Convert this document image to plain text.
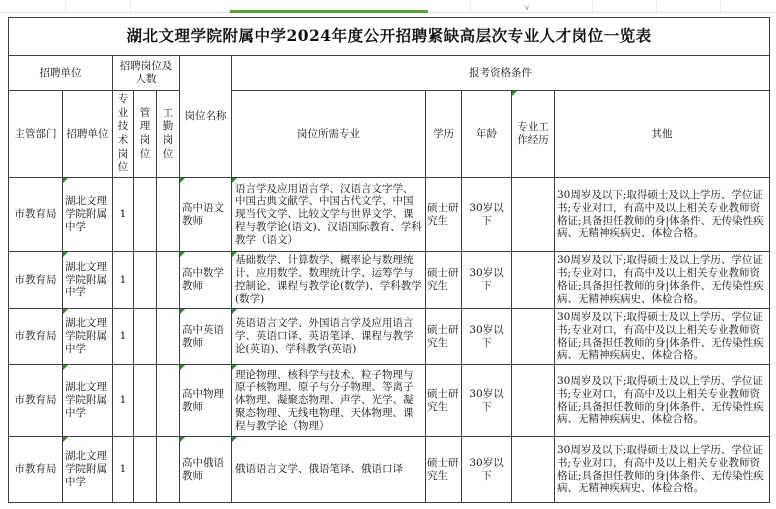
∨
湖北文理学院附属中学2024年度公开招聘紧缺高层次专业人才岗位一览表										
招聘单位		招聘岗位及人数			岗位名称	报考资格条件				
主管部门	招聘单位	专业技术岗位	管理岗位	工勤岗位		岗位所需专业	学历	年龄	专业工作经历	其他
市教育局	湖北文理学院附属中学	1			高中语文教师	语言学及应用语言学、汉语言文字学、中国古典文献学、中国古代文学、中国现当代文学、比较文学与世界文学、课程与教学论(语文)、汉语国际教育、学科教学（语文）	硕士研究生	30岁以下		30周岁及以下;取得硕士及以上学历、学位证书;专业对口，有高中及以上相关专业教师资格证;具备担任教师的身|体条件、无传染性疾病、无精神疾病史、体检合格。
市教育局	湖北文理学院附属中学	1			高中数学教师	基础数学、计算数学、概率论与数理统计、应用数学、数理统计学、运筹学与控制论、课程与教学论(数学)、学科教学(数学)	硕士研究生	30岁以下		30周岁及以下;取得硕士及以上学历、学位证书;专业对口，有高中及以上相关专业教师资格证;具备担任教师的身|体条件、无传染性疾病、无精神疾病史、体检合格。
市教育局	湖北文理学院附属中学	1			高中英语教师	英语语言文学、外国语言学及应用语言学、英语口译、英语笔译、课程与教学论(英语)、学科教学(英语)	硕士研究生	30岁以下		30周岁及以下;取得硕士及以上学历、学位证书;专业对口，有高中及以上相关专业教师资格证;具备担任教师的身|体条件、无传染性疾病、无精神疾病史、体检合格。
市教育局	湖北文理学院附属中学	1			高中物理教师	理论物理、核科学与技术、粒子物理与原子核物理、原子与分子物理、等离子体物理、凝聚态物理、声学、光学、凝聚态物理、无线电物理、天体物理、课程与教学论（物理）	硕士研究生	30岁以下		30周岁及以下;取得硕士及以上学历、学位证书;专业对口，有高中及以上相关专业教师资格证;具备担任教师的身|体条件、无传染性疾病、无精神疾病史、体检合格。
市教育局	湖北文理学院附属中学	1			高中俄语教师	俄语语言文学、俄语笔译、俄语口译	硕士研究生	30岁以下		30周岁及以下;取得硕士及以上学历、学位证书;专业对口，有高中及以上相关专业教师资格证;具备担任教师的身|体条件、无传染性疾病、无精神疾病史、体检合格。
